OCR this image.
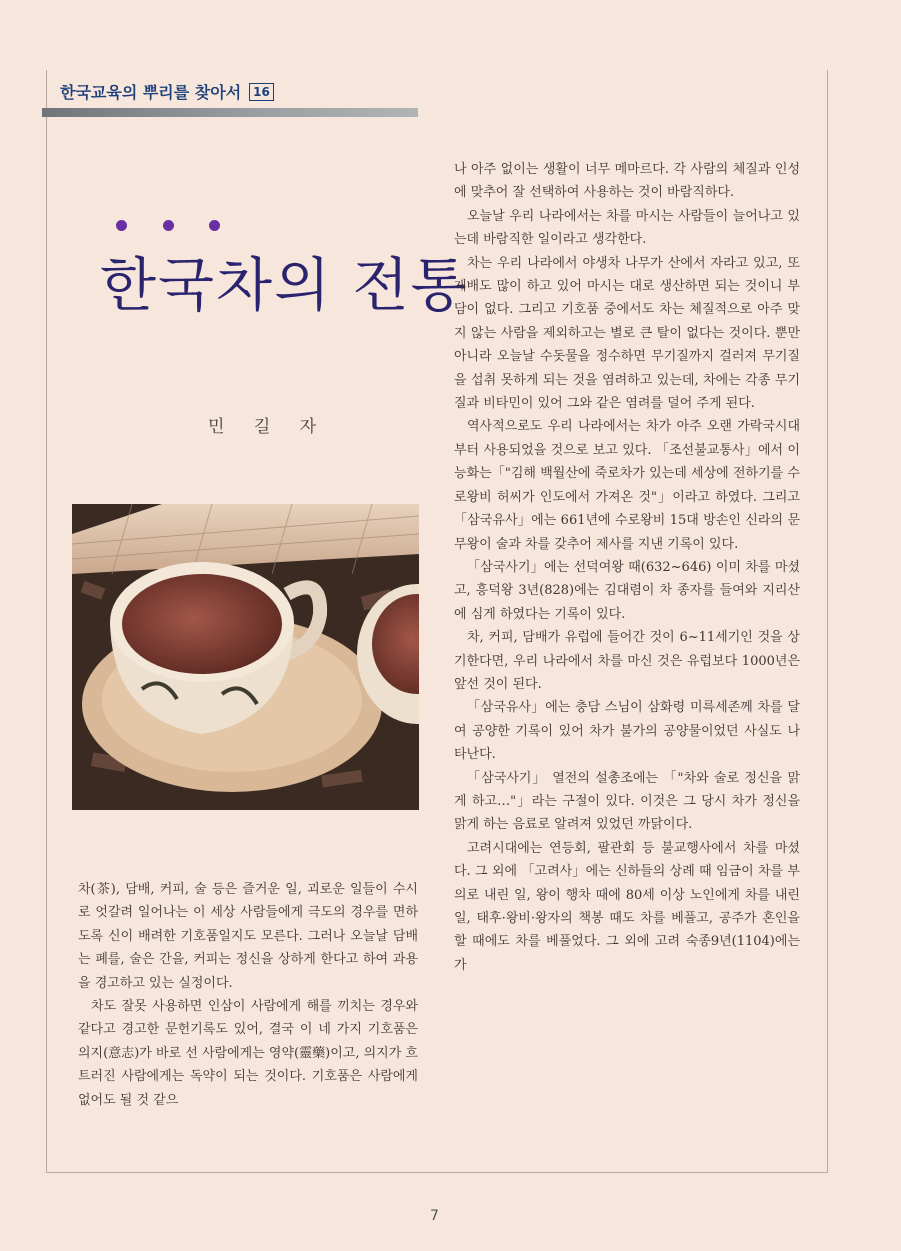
한국교육의 뿌리를 찾아서	16
한국차의 전통
민 길 자

차(茶), 담배, 커피, 술 등은 즐거운 일, 괴로운 일들이 수시로 엇갈려 일어나는 이 세상 사람들에게 극도의 경우를 면하도록 신이 배려한 기호품일지도 모른다. 그러나 오늘날 담배는 폐를, 술은 간을, 커피는 정신을 상하게 한다고 하여 과용을 경고하고 있는 실정이다.

차도 잘못 사용하면 인삼이 사람에게 해를 끼치는 경우와 같다고 경고한 문헌기록도 있어, 결국 이 네 가지 기호품은 의지(意志)가 바로 선 사람에게는 영약(靈藥)이고, 의지가 흐트러진 사람에게는 독약이 되는 것이다. 기호품은 사람에게 없어도 될 것 같으

나 아주 없이는 생활이 너무 메마르다. 각 사람의 체질과 인성에 맞추어 잘 선택하여 사용하는 것이 바람직하다.

오늘날 우리 나라에서는 차를 마시는 사람들이 늘어나고 있는데 바람직한 일이라고 생각한다.

차는 우리 나라에서 야생차 나무가 산에서 자라고 있고, 또 재배도 많이 하고 있어 마시는 대로 생산하면 되는 것이니 부담이 없다. 그리고 기호품 중에서도 차는 체질적으로 아주 맞지 않는 사람을 제외하고는 별로 큰 탈이 없다는 것이다. 뿐만 아니라 오늘날 수돗물을 정수하면 무기질까지 걸러져 무기질을 섭취 못하게 되는 것을 염려하고 있는데, 차에는 각종 무기질과 비타민이 있어 그와 같은 염려를 덜어 주게 된다.

역사적으로도 우리 나라에서는 차가 아주 오랜 가락국시대부터 사용되었을 것으로 보고 있다. 「조선불교통사」에서 이능화는「"김해 백월산에 죽로차가 있는데 세상에 전하기를 수로왕비 허씨가 인도에서 가져온 것"」이라고 하였다. 그리고「삼국유사」에는 661년에 수로왕비 15대 방손인 신라의 문무왕이 술과 차를 갖추어 제사를 지낸 기록이 있다.

「삼국사기」에는 선덕여왕 때(632~646) 이미 차를 마셨고, 흥덕왕 3년(828)에는 김대렴이 차 종자를 들여와 지리산에 심게 하였다는 기록이 있다.

차, 커피, 담배가 유럽에 들어간 것이 6~11세기인 것을 상기한다면, 우리 나라에서 차를 마신 것은 유럽보다 1000년은 앞선 것이 된다.

「삼국유사」에는 충담 스님이 삼화령 미륵세존께 차를 달여 공양한 기록이 있어 차가 불가의 공양물이었던 사실도 나타난다.

「삼국사기」 열전의 설총조에는 「"차와 술로 정신을 맑게 하고…"」라는 구절이 있다. 이것은 그 당시 차가 정신을 맑게 하는 음료로 알려져 있었던 까닭이다.

고려시대에는 연등회, 팔관회 등 불교행사에서 차를 마셨다. 그 외에 「고려사」에는 신하들의 상례 때 임금이 차를 부의로 내린 일, 왕이 행차 때에 80세 이상 노인에게 차를 내린 일, 태후·왕비·왕자의 책봉 때도 차를 베풀고, 공주가 혼인을 할 때에도 차를 베풀었다. 그 외에 고려 숙종9년(1104)에는 가

7
